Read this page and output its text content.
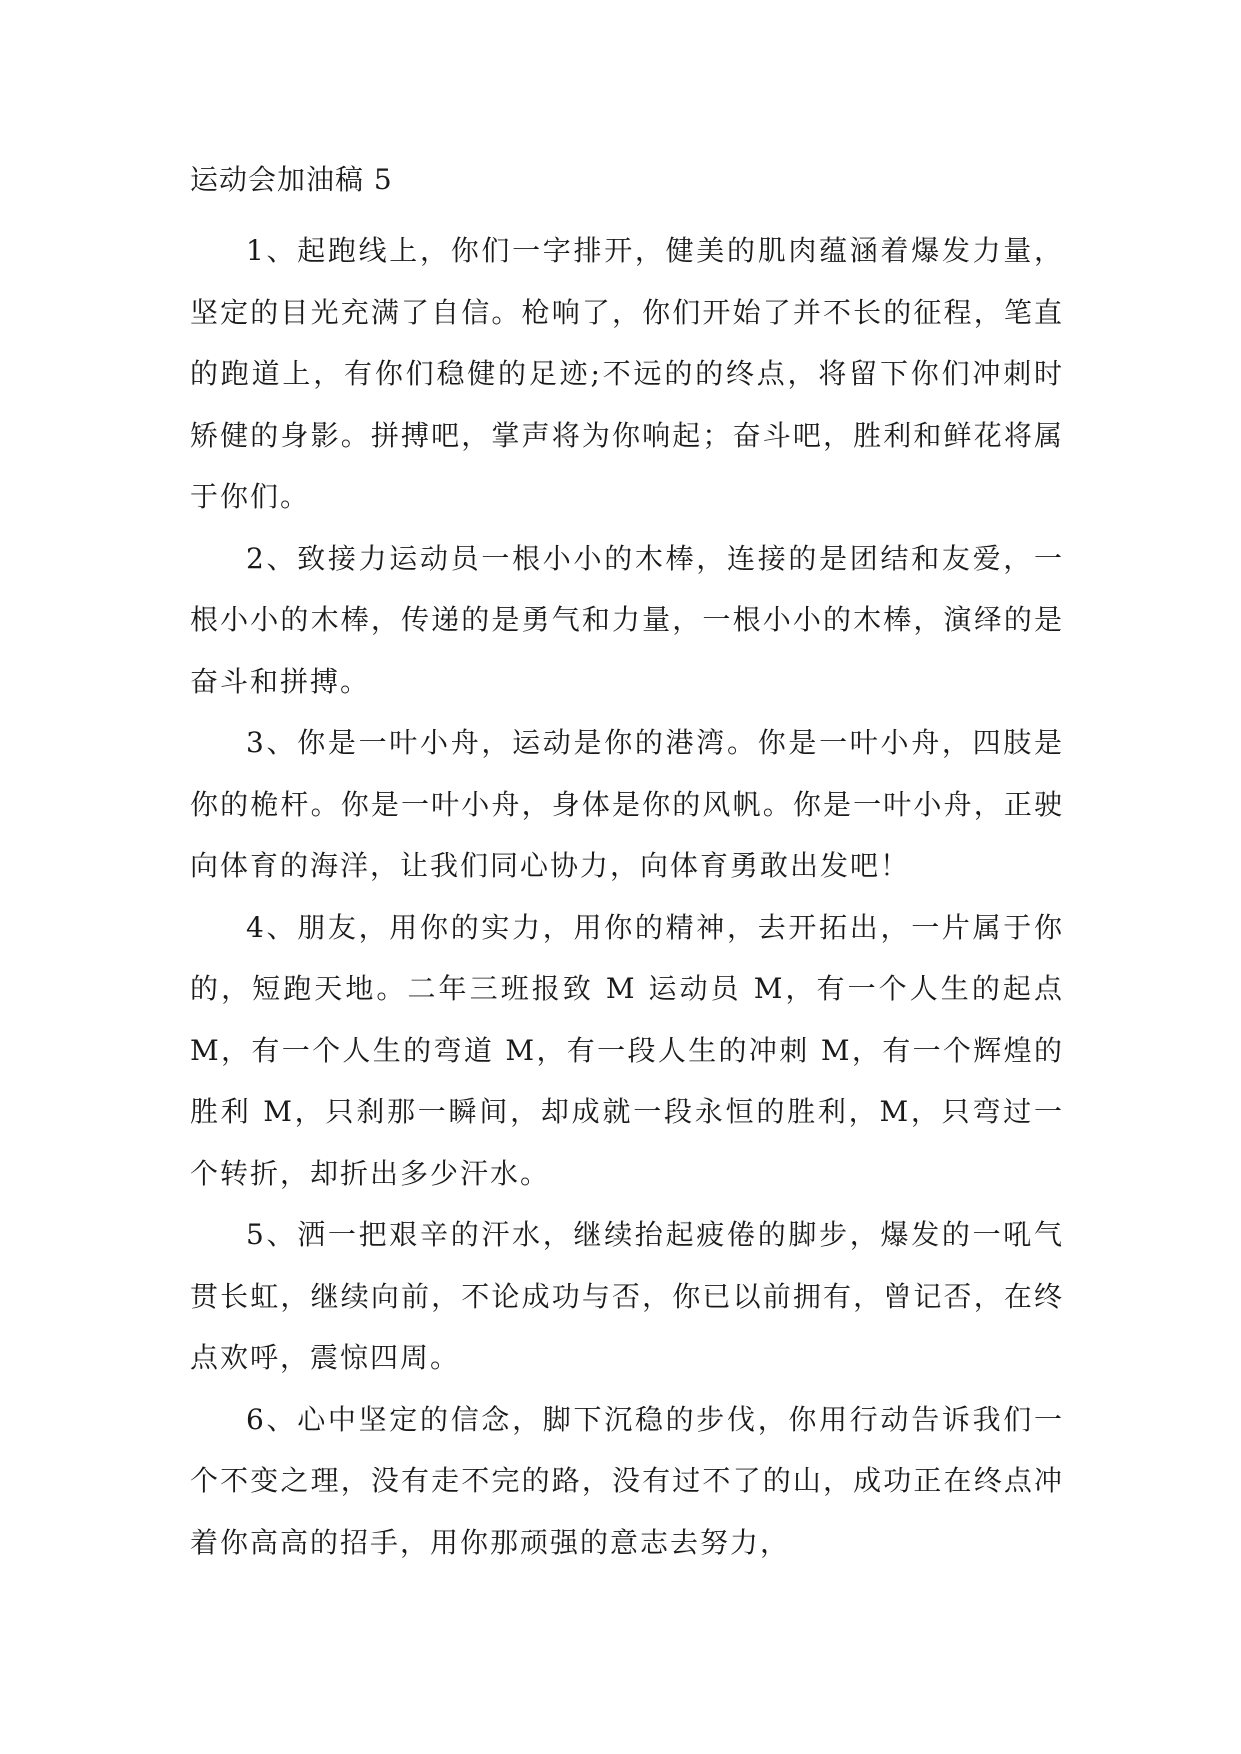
运动会加油稿 5

1、起跑线上，你们一字排开，健美的肌肉蕴涵着爆发力量，坚定的目光充满了自信。枪响了，你们开始了并不长的征程，笔直的跑道上，有你们稳健的足迹;不远的的终点，将留下你们冲刺时矫健的身影。拼搏吧，掌声将为你响起；奋斗吧，胜利和鲜花将属于你们。

2、致接力运动员一根小小的木棒，连接的是团结和友爱，一根小小的木棒，传递的是勇气和力量，一根小小的木棒，演绎的是奋斗和拼搏。

3、你是一叶小舟，运动是你的港湾。你是一叶小舟，四肢是你的桅杆。你是一叶小舟，身体是你的风帆。你是一叶小舟，正驶向体育的海洋，让我们同心协力，向体育勇敢出发吧！

4、朋友，用你的实力，用你的精神，去开拓出，一片属于你的，短跑天地。二年三班报致 M 运动员 M，有一个人生的起点 M，有一个人生的弯道 M，有一段人生的冲刺 M，有一个辉煌的胜利 M，只刹那一瞬间，却成就一段永恒的胜利，M，只弯过一个转折，却折出多少汗水。

5、洒一把艰辛的汗水，继续抬起疲倦的脚步，爆发的一吼气贯长虹，继续向前，不论成功与否，你已以前拥有，曾记否，在终点欢呼，震惊四周。

6、心中坚定的信念，脚下沉稳的步伐，你用行动告诉我们一个不变之理，没有走不完的路，没有过不了的山，成功正在终点冲着你高高的招手，用你那顽强的意志去努力，
